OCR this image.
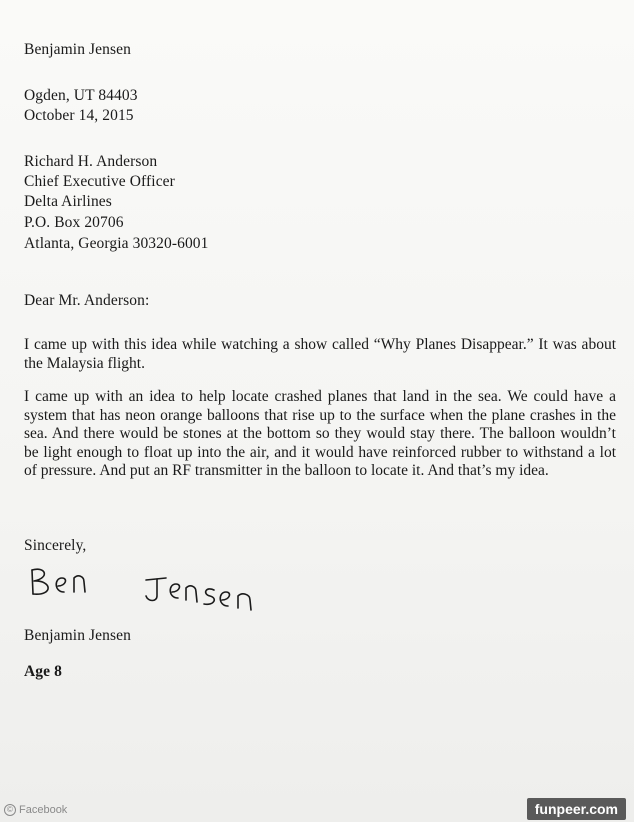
Benjamin Jensen
Ogden, UT 84403
October 14, 2015
Richard H. Anderson
Chief Executive Officer
Delta Airlines
P.O. Box 20706
Atlanta, Georgia 30320-6001
Dear Mr. Anderson:
I came up with this idea while watching a show called “Why Planes Disappear.” It was about the Malaysia flight.
I came up with an idea to help locate crashed planes that land in the sea. We could have a system that has neon orange balloons that rise up to the surface when the plane crashes in the sea. And there would be stones at the bottom so they would stay there. The balloon wouldn’t be light enough to float up into the air, and it would have reinforced rubber to withstand a lot of pressure. And put an RF transmitter in the balloon to locate it. And that’s my idea.
Sincerely,
Benjamin Jensen
Age 8
© Facebook	funpeer.com
